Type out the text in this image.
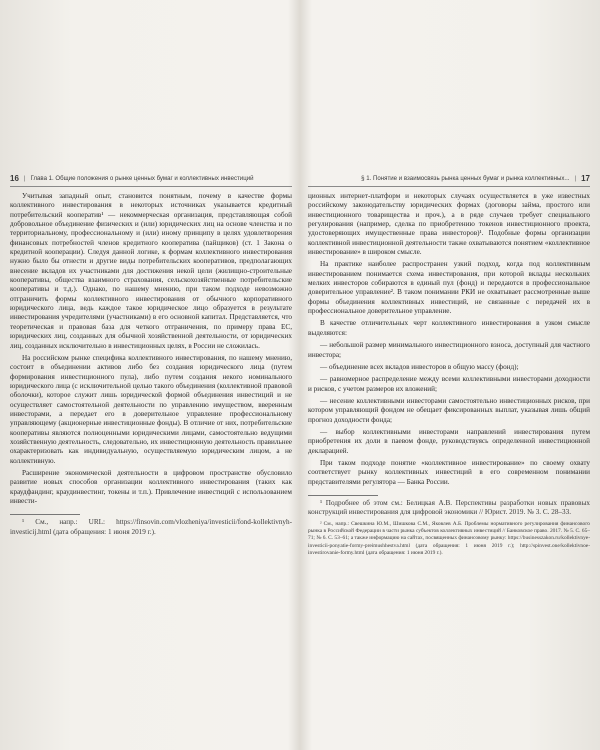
16 | Глава 1. Общие положения о рынке ценных бумаг и коллективных инвестиций

Учитывая западный опыт, становится понятным, почему в качестве формы коллективного инвестирования в некоторых источниках указывается кредитный потребительский кооператив¹ — некоммерческая организация, представляющая собой добровольное объединение физических и (или) юридических лиц на основе членства и по территориальному, профессиональному и (или) иному принципу в целях удовлетворения финансовых потребностей членов кредитного кооператива (пайщиков) (ст. 1 Закона о кредитной кооперации). Следуя данной логике, к формам коллективного инвестирования нужно было бы отнести и другие виды потребительских кооперативов, предполагающих внесение вкладов их участниками для достижения некой цели (жилищно-строительные кооперативы, общества взаимного страхования, сельскохозяйственные потребительские кооперативы и т.д.). Однако, по нашему мнению, при таком подходе невозможно отграничить формы коллективного инвестирования от обычного корпоративного юридического лица, ведь каждое такое юридическое лицо образуется в результате инвестирования учредителями (участниками) в его основной капитал. Представляется, что теоретическая и правовая база для четкого отграничения, по примеру права ЕС, юридических лиц, созданных для обычной хозяйственной деятельности, от юридических лиц, созданных исключительно в инвестиционных целях, в России не сложилась.

На российском рынке специфика коллективного инвестирования, по нашему мнению, состоит в объединении активов либо без создания юридического лица (путем формирования инвестиционного пула), либо путем создания некого номинального юридического лица (с исключительной целью такого объединения (коллективной правовой оболочки), которое служит лишь юридической формой объединения инвестиций и не осуществляет самостоятельной деятельности по управлению имуществом, вверенным инвесторами, а передает его в доверительное управление профессиональному управляющему (акционерные инвестиционные фонды). В отличие от них, потребительские кооперативы являются полноценными юридическими лицами, самостоятельно ведущими хозяйственную деятельность, следовательно, их инвестиционную деятельность правильнее охарактеризовать как индивидуальную, осуществляемую юридическим лицом, а не коллективную.

Расширение экономической деятельности в цифровом пространстве обусловило развитие новых способов организации коллективного инвестирования (таких как краудфандинг, краудинвестинг, токены и т.п.). Привлечение инвестиций с использованием инвести-

¹ См., напр.: URL: https://finsovin.com/vlozheniya/investicii/fond-kollektivnyh-investicij.html (дата обращения: 1 июня 2019 г.).

§ 1. Понятие и взаимосвязь рынка ценных бумаг и рынка коллективных... | 17

ционных интернет-платформ и некоторых случаях осуществляется в уже известных российскому законодательству юридических формах (договоры займа, простого или инвестиционного товарищества и проч.), а в ряде случаев требует специального регулирования (например, сделка по приобретению токенов инвестиционного проекта, удостоверяющих имущественные права инвесторов)¹. Подобные формы организации коллективной инвестиционной деятельности также охватываются понятием «коллективное инвестирование» в широком смысле.

На практике наиболее распространен узкий подход, когда под коллективным инвестированием понимается схема инвестирования, при которой вклады нескольких мелких инвесторов собираются в единый пул (фонд) и передаются в профессиональное доверительное управление². В таком понимании РКИ не охватывает рассмотренные выше формы объединения коллективных инвестиций, не связанные с передачей их в профессиональное доверительное управление.

В качестве отличительных черт коллективного инвестирования в узком смысле выделяются:

— небольшой размер минимального инвестиционного взноса, доступный для частного инвестора;

— объединение всех вкладов инвесторов в общую массу (фонд);

— равномерное распределение между всеми коллективными инвесторами доходности и рисков, с учетом размеров их вложений;

— несение коллективными инвесторами самостоятельно инвестиционных рисков, при котором управляющий фондом не обещает фиксированных выплат, указывая лишь общий прогноз доходности фонда;

— выбор коллективными инвесторами направлений инвестирования путем приобретения их доли в паевом фонде, руководствуясь определенной инвестиционной декларацией.

При таком подходе понятие «коллективное инвестирование» по своему охвату соответствует рынку коллективных инвестиций в его современном понимании представителями регулятора — Банка России.

¹ Подробнее об этом см.: Белицкая А.В. Перспективы разработки новых правовых конструкций инвестирования для цифровой экономики // Юрист. 2019. № 3. С. 28–33.

² См., напр.: Свешкина Ю.М., Шишкова С.М., Яковлев А.Б. Проблемы нормативного регулирования финансового рынка в Российской Федерации в части рынка субъектов коллективных инвестиций // Банковское право. 2017. № 5. С. 65–71; № 6. С. 53–61; а также информацию на сайтах, посвященных финансовому рынку: https://businesszakon.ru/kollektivnye-investicii-ponyatie-formy-preimushhestva.html (дата обращения: 1 июня 2019 г.); http://spinvest.one/kollektivnoe-investirovanie-formy.html (дата обращения: 1 июня 2019 г.).
